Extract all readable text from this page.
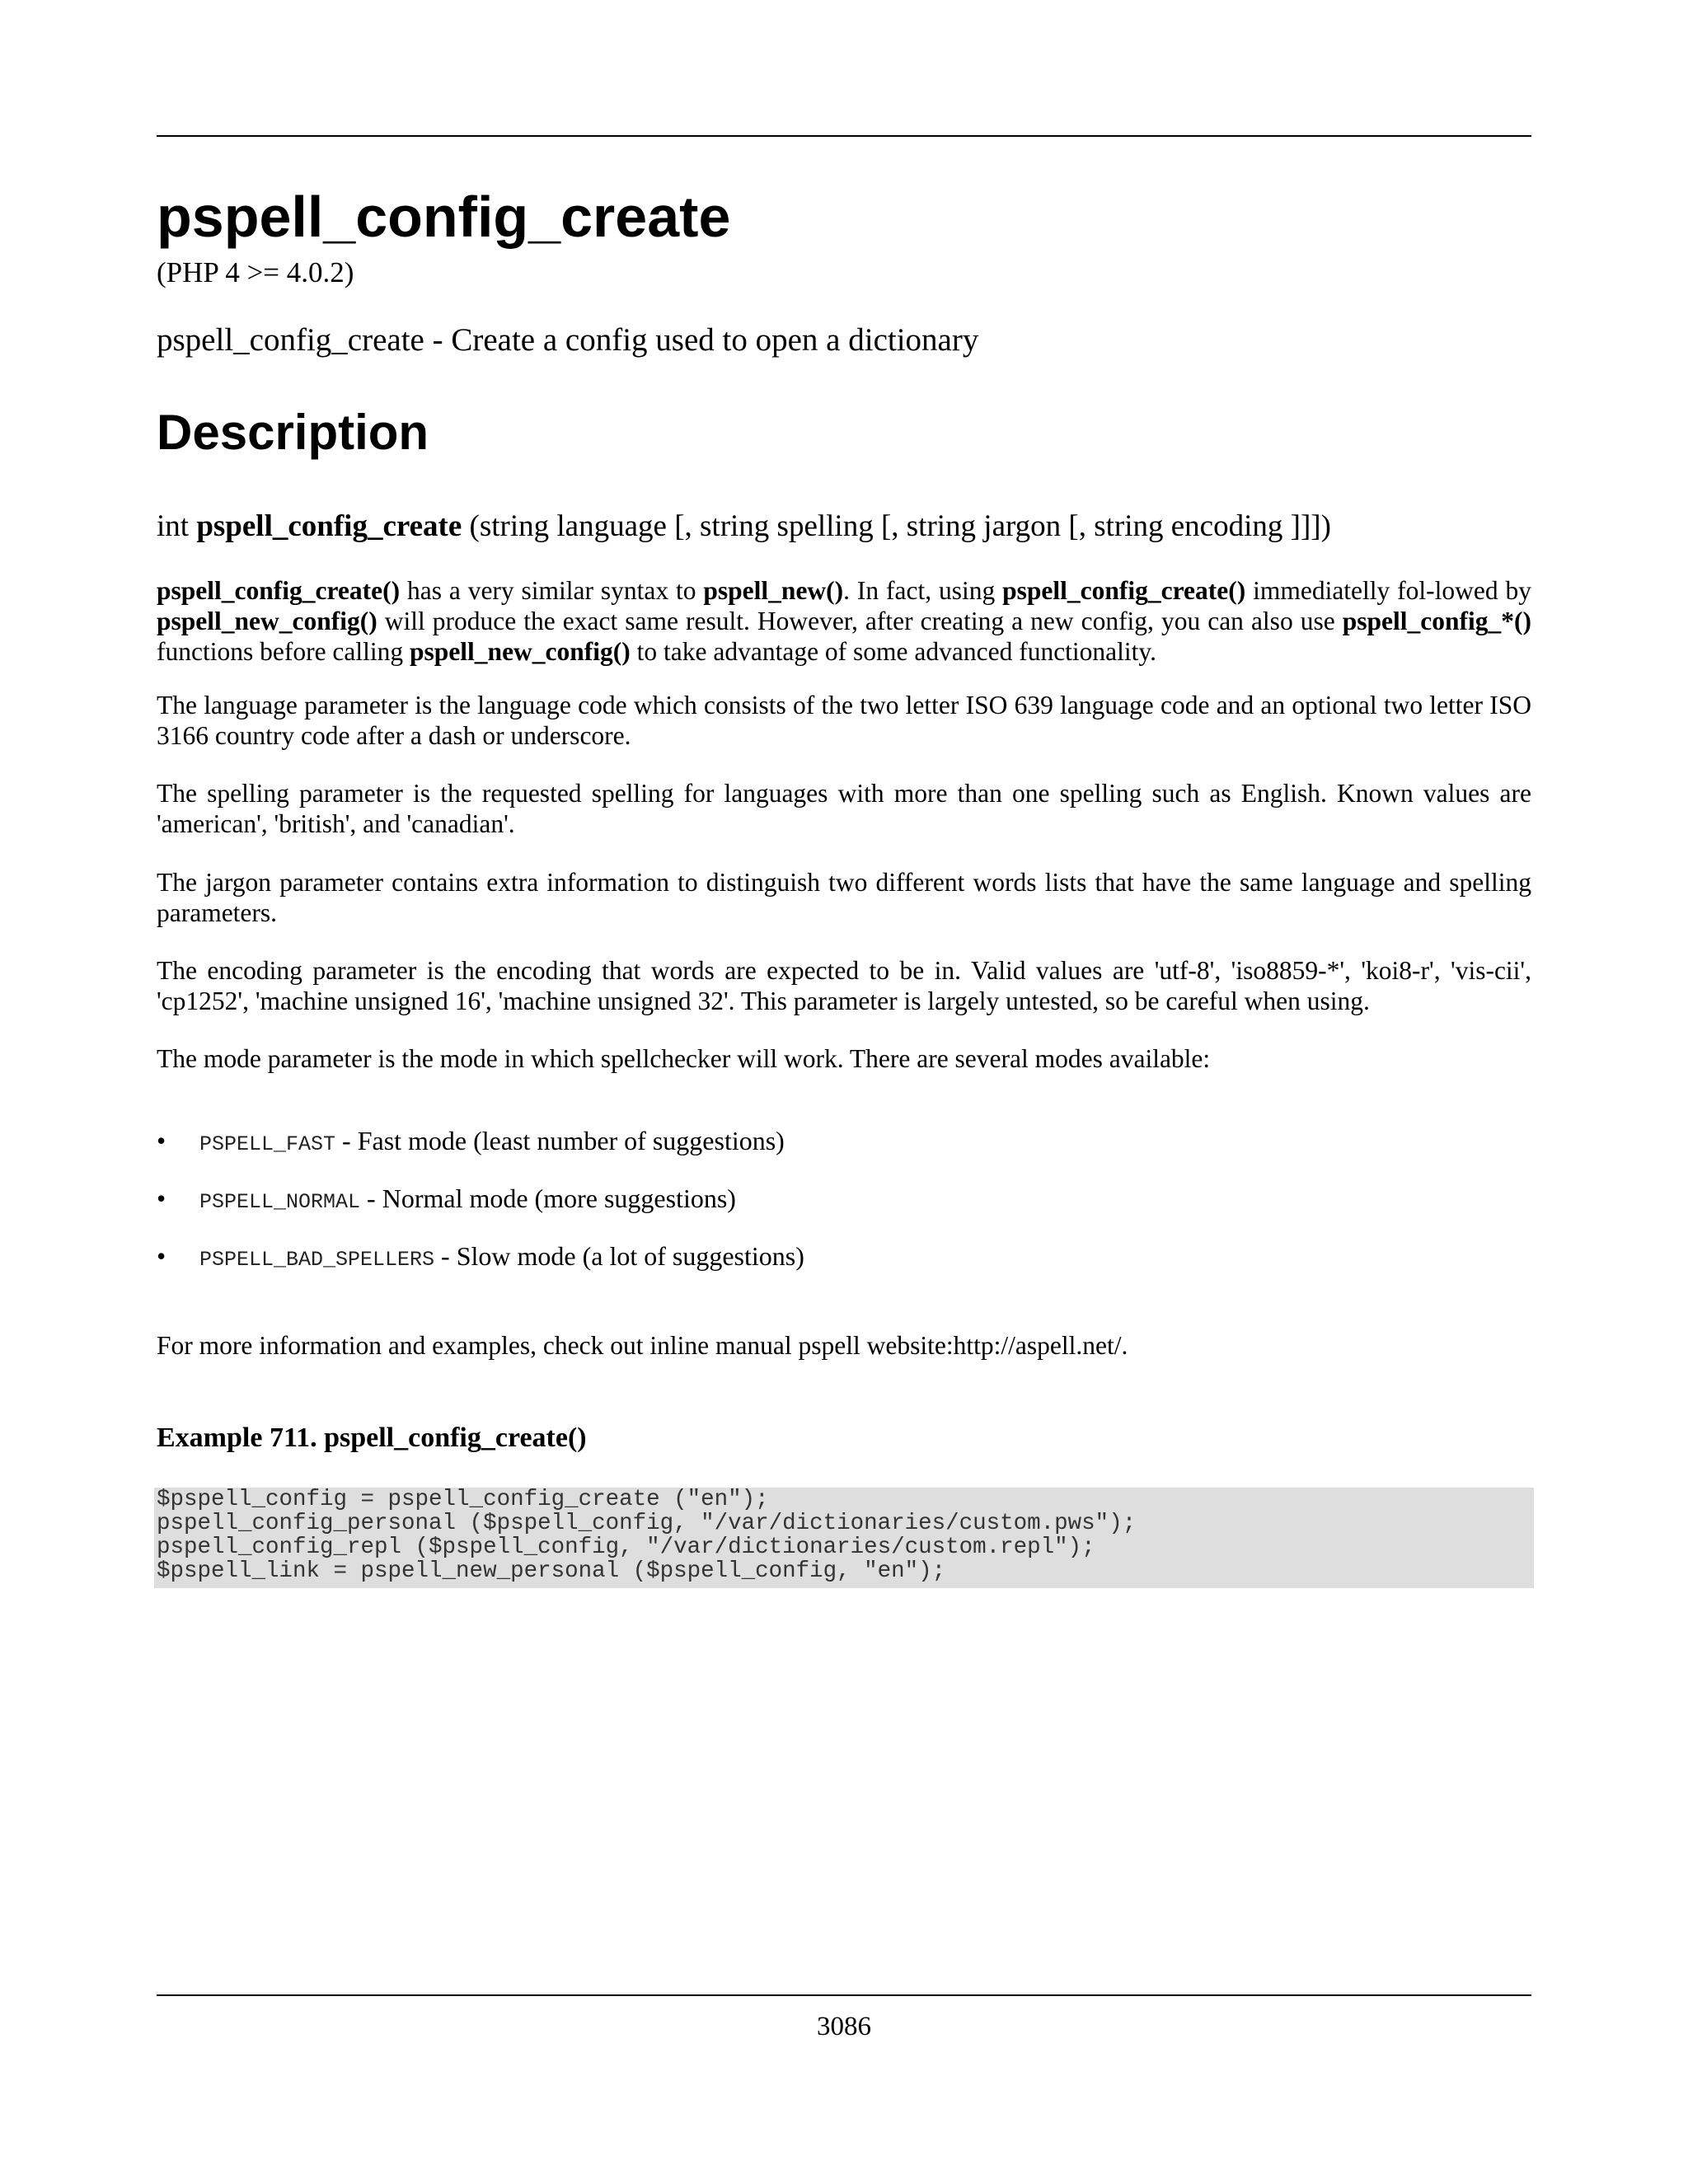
pspell_config_create
(PHP 4 >= 4.0.2)
pspell_config_create - Create a config used to open a dictionary
Description
int pspell_config_create (string language [, string spelling [, string jargon [, string encoding ]]])
pspell_config_create() has a very similar syntax to pspell_new(). In fact, using pspell_config_create() immediatelly fol-lowed by pspell_new_config() will produce the exact same result. However, after creating a new config, you can also use pspell_config_*() functions before calling pspell_new_config() to take advantage of some advanced functionality.
The language parameter is the language code which consists of the two letter ISO 639 language code and an optional two letter ISO 3166 country code after a dash or underscore.
The spelling parameter is the requested spelling for languages with more than one spelling such as English. Known values are 'american', 'british', and 'canadian'.
The jargon parameter contains extra information to distinguish two different words lists that have the same language and spelling parameters.
The encoding parameter is the encoding that words are expected to be in. Valid values are 'utf-8', 'iso8859-*', 'koi8-r', 'vis-cii', 'cp1252', 'machine unsigned 16', 'machine unsigned 32'. This parameter is largely untested, so be careful when using.
The mode parameter is the mode in which spellchecker will work. There are several modes available:
• PSPELL_FAST - Fast mode (least number of suggestions)
• PSPELL_NORMAL - Normal mode (more suggestions)
• PSPELL_BAD_SPELLERS - Slow mode (a lot of suggestions)
For more information and examples, check out inline manual pspell website:http://aspell.net/.
Example 711. pspell_config_create()
$pspell_config = pspell_config_create ("en");
pspell_config_personal ($pspell_config, "/var/dictionaries/custom.pws");
pspell_config_repl ($pspell_config, "/var/dictionaries/custom.repl");
$pspell_link = pspell_new_personal ($pspell_config, "en");
3086
